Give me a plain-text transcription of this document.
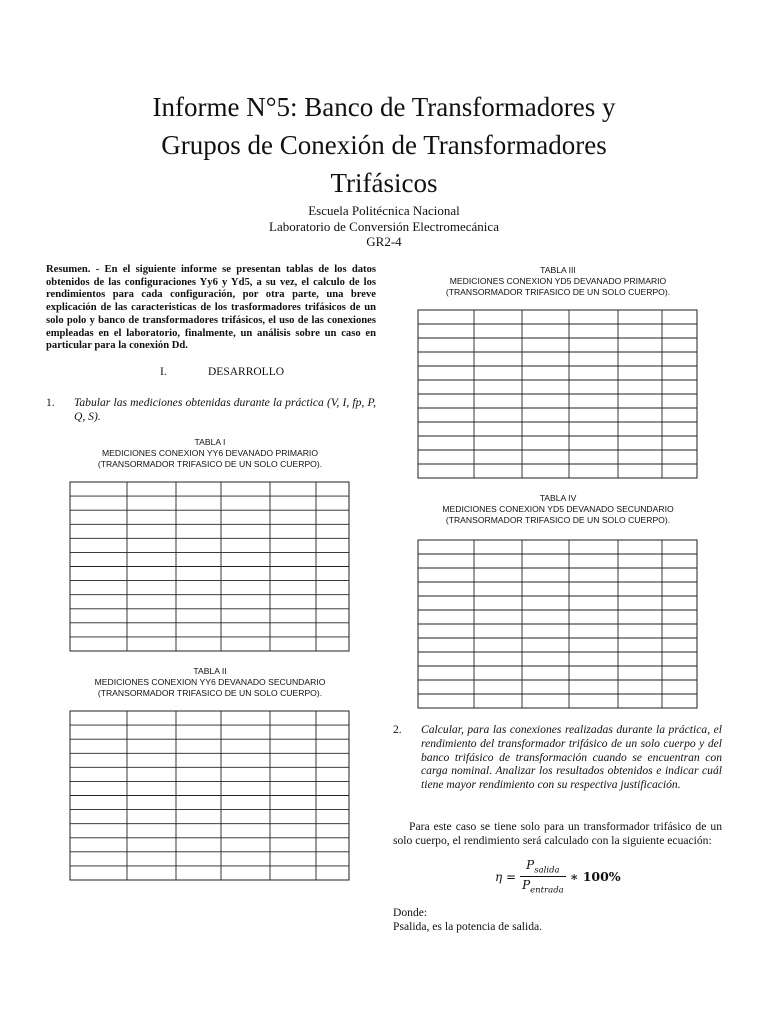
Informe N°5: Banco de Transformadores y
Grupos de Conexión de Transformadores
Trifásicos
Escuela Politécnica Nacional
Laboratorio de Conversión Electromecánica
GR2-4
Resumen. - En el siguiente informe se presentan tablas de los datos obtenidos de las configuraciones Yy6 y Yd5, a su vez, el calculo de los rendimientos para cada configuración, por otra parte, una breve explicación de las caracteristicas de los trasformadores trifásicos de un solo polo y banco de transformadores trifásicos, el uso de las conexiones empleadas en el laboratorio, finalmente, un análisis sobre un caso en particular para la conexión Dd.
I.	DESARROLLO
1. Tabular las mediciones obtenidas durante la práctica (V, I, fp, P, Q, S).
TABLA I
MEDICIONES CONEXION YY6 DEVANADO PRIMARIO
(TRANSORMADOR TRIFASICO DE UN SOLO CUERPO).
TABLA II
MEDICIONES CONEXION YY6 DEVANADO SECUNDARIO
(TRANSORMADOR TRIFASICO DE UN SOLO CUERPO).
TABLA III
MEDICIONES CONEXION YD5 DEVANADO PRIMARIO
(TRANSORMADOR TRIFASICO DE UN SOLO CUERPO).
TABLA IV
MEDICIONES CONEXION YD5 DEVANADO SECUNDARIO
(TRANSORMADOR TRIFASICO DE UN SOLO CUERPO).
2. Calcular, para las conexiones realizadas durante la práctica, el rendimiento del transformador trifásico de un solo cuerpo y del banco trifásico de transformación cuando se encuentran con carga nominal. Analizar los resultados obtenidos e indicar cuál tiene mayor rendimiento con su respectiva justificación.
Para este caso se tiene solo para un transformador trifásico de un solo cuerpo, el rendimiento será calculado con la siguiente ecuación:
$\eta = \frac{P_{salida}}{P_{entrada}}$ ∗ 100%
Donde:
Psalida, es la potencia de salida.
